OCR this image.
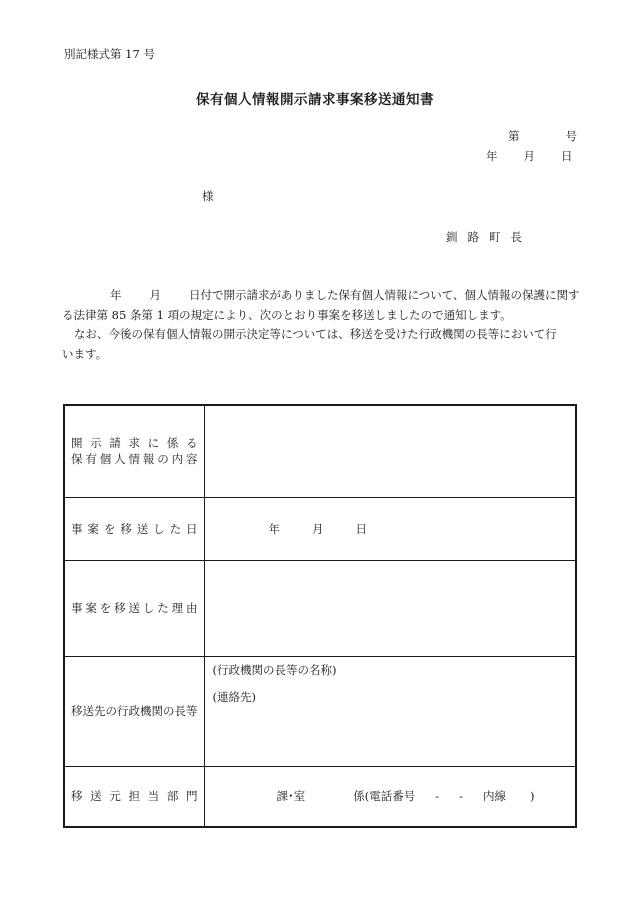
別記様式第 17 号
保有個人情報開示請求事案移送通知書
第	号
年 月 日
様
釧路町長
年 月 日付で開示請求がありました保有個人情報について、個人情報の保護に関す
る法律第 85 条第 1 項の規定により、次のとおり事案を移送しましたので通知します。
なお、今後の保有個人情報の開示決定等については、移送を受けた行政機関の長等において行
います。
開示請求に係る
保有個人情報の内容	

事案を移送した日	年 月 日

事案を移送した理由	

移送先の行政機関の長等	(行政機関の長等の名称)
(連絡先)

移送元担当部門	課･室 係(電話番号 - - 内線 )
